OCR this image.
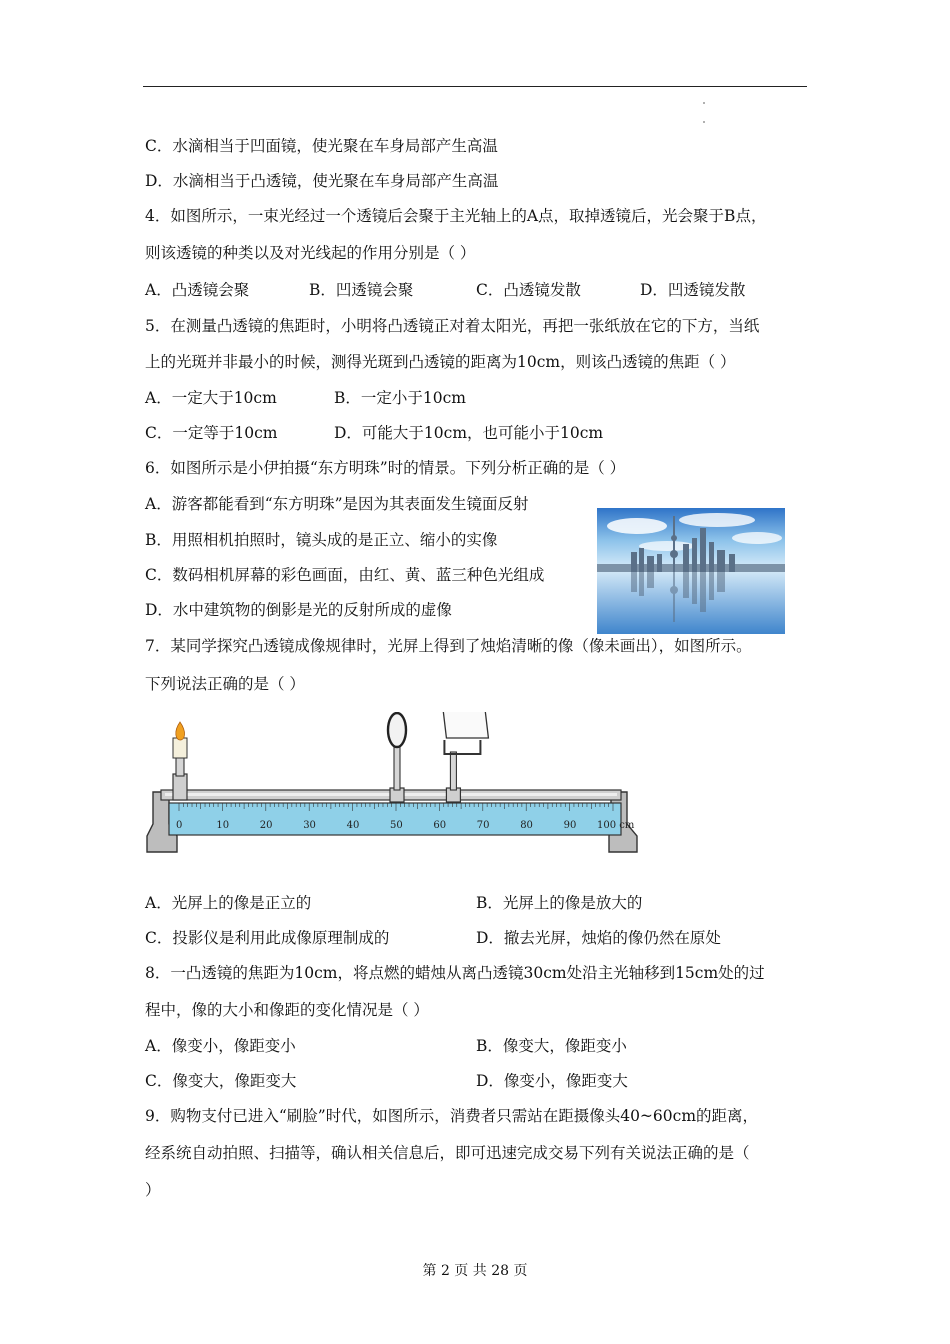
C．水滴相当于凹面镜，使光聚在车身局部产生高温
D．水滴相当于凸透镜，使光聚在车身局部产生高温
4．如图所示，一束光经过一个透镜后会聚于主光轴上的A点，取掉透镜后，光会聚于B点，
则该透镜的种类以及对光线起的作用分别是（ ）
A．凸透镜会聚	B．凹透镜会聚	C．凸透镜发散	D．凹透镜发散
5．在测量凸透镜的焦距时，小明将凸透镜正对着太阳光，再把一张纸放在它的下方，当纸
上的光斑并非最小的时候，测得光斑到凸透镜的距离为10cm，则该凸透镜的焦距（ ）
A．一定大于10cm	B．一定小于10cm
C．一定等于10cm	D．可能大于10cm，也可能小于10cm
6．如图所示是小伊拍摄“东方明珠”时的情景。下列分析正确的是（ ）
A．游客都能看到“东方明珠”是因为其表面发生镜面反射
B．用照相机拍照时，镜头成的是正立、缩小的实像
C．数码相机屏幕的彩色画面，由红、黄、蓝三种色光组成
D．水中建筑物的倒影是光的反射所成的虚像
7．某同学探究凸透镜成像规律时，光屏上得到了烛焰清晰的像（像未画出），如图所示。
下列说法正确的是（ ）
0	10	20	30	40	50	60	70	80	90 100 cm
A．光屏上的像是正立的	B．光屏上的像是放大的
C．投影仪是利用此成像原理制成的	D．撤去光屏，烛焰的像仍然在原处
8．一凸透镜的焦距为10cm，将点燃的蜡烛从离凸透镜30cm处沿主光轴移到15cm处的过
程中，像的大小和像距的变化情况是（ ）
A．像变小，像距变小	B．像变大，像距变小
C．像变大，像距变大	D．像变小，像距变大
9．购物支付已进入“刷脸”时代，如图所示，消费者只需站在距摄像头40~60cm的距离，
经系统自动拍照、扫描等，确认相关信息后，即可迅速完成交易下列有关说法正确的是（
）
第 2 页 共 28 页
